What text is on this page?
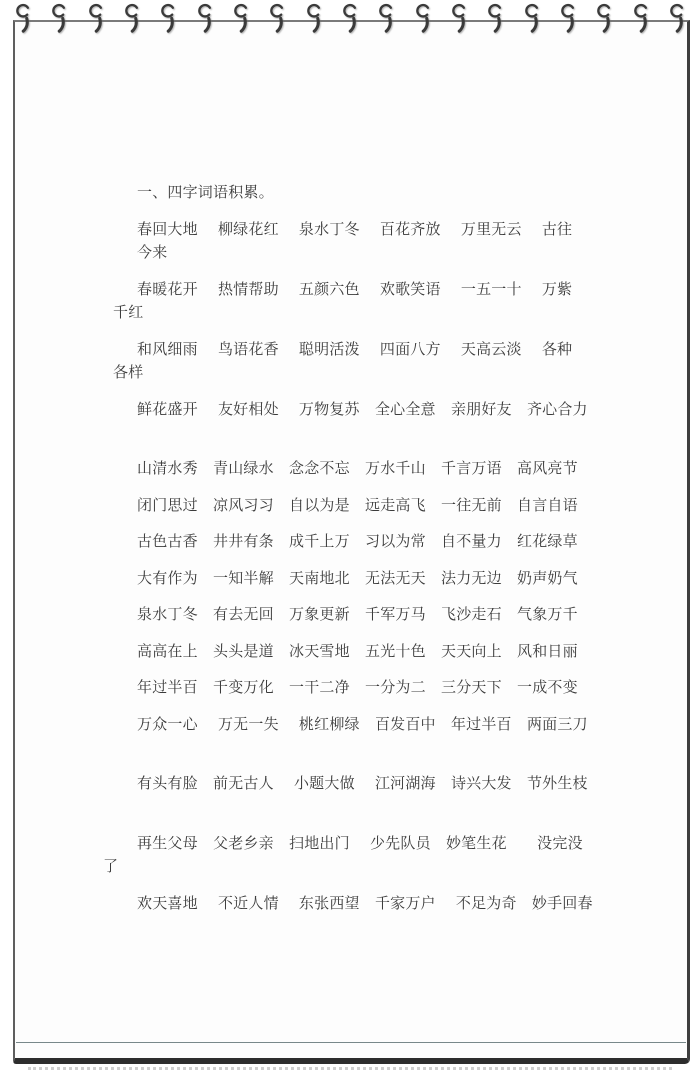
一、四字词语积累。
春回大地　 柳绿花红　 泉水丁冬　 百花齐放　 万里无云　 古往
今来
春暖花开　 热情帮助　 五颜六色　 欢歌笑语　 一五一十　 万紫
千红
和风细雨　 鸟语花香　 聪明活泼　 四面八方　 天高云淡　 各种
各样
鲜花盛开　 友好相处　 万物复苏　全心全意　亲朋好友　齐心合力
山清水秀　青山绿水　念念不忘　万水千山　千言万语　高风亮节
闭门思过　凉风习习　自以为是　远走高飞　一往无前　自言自语
古色古香　井井有条　成千上万　习以为常　自不量力　红花绿草
大有作为　一知半解　天南地北　无法无天　法力无边　奶声奶气
泉水丁冬　有去无回　万象更新　千军万马　飞沙走石　气象万千
高高在上　头头是道　冰天雪地　五光十色　天天向上　风和日丽
年过半百　千变万化　一干二净　一分为二　三分天下　一成不变
万众一心　 万无一失　 桃红柳绿　百发百中　年过半百　两面三刀
有头有脸　前无古人　 小题大做　 江河湖海　诗兴大发　节外生枝
再生父母　父老乡亲　扫地出门　 少先队员　妙笔生花　　没完没
了
欢天喜地　 不近人情　 东张西望　千家万户　 不足为奇　妙手回春
